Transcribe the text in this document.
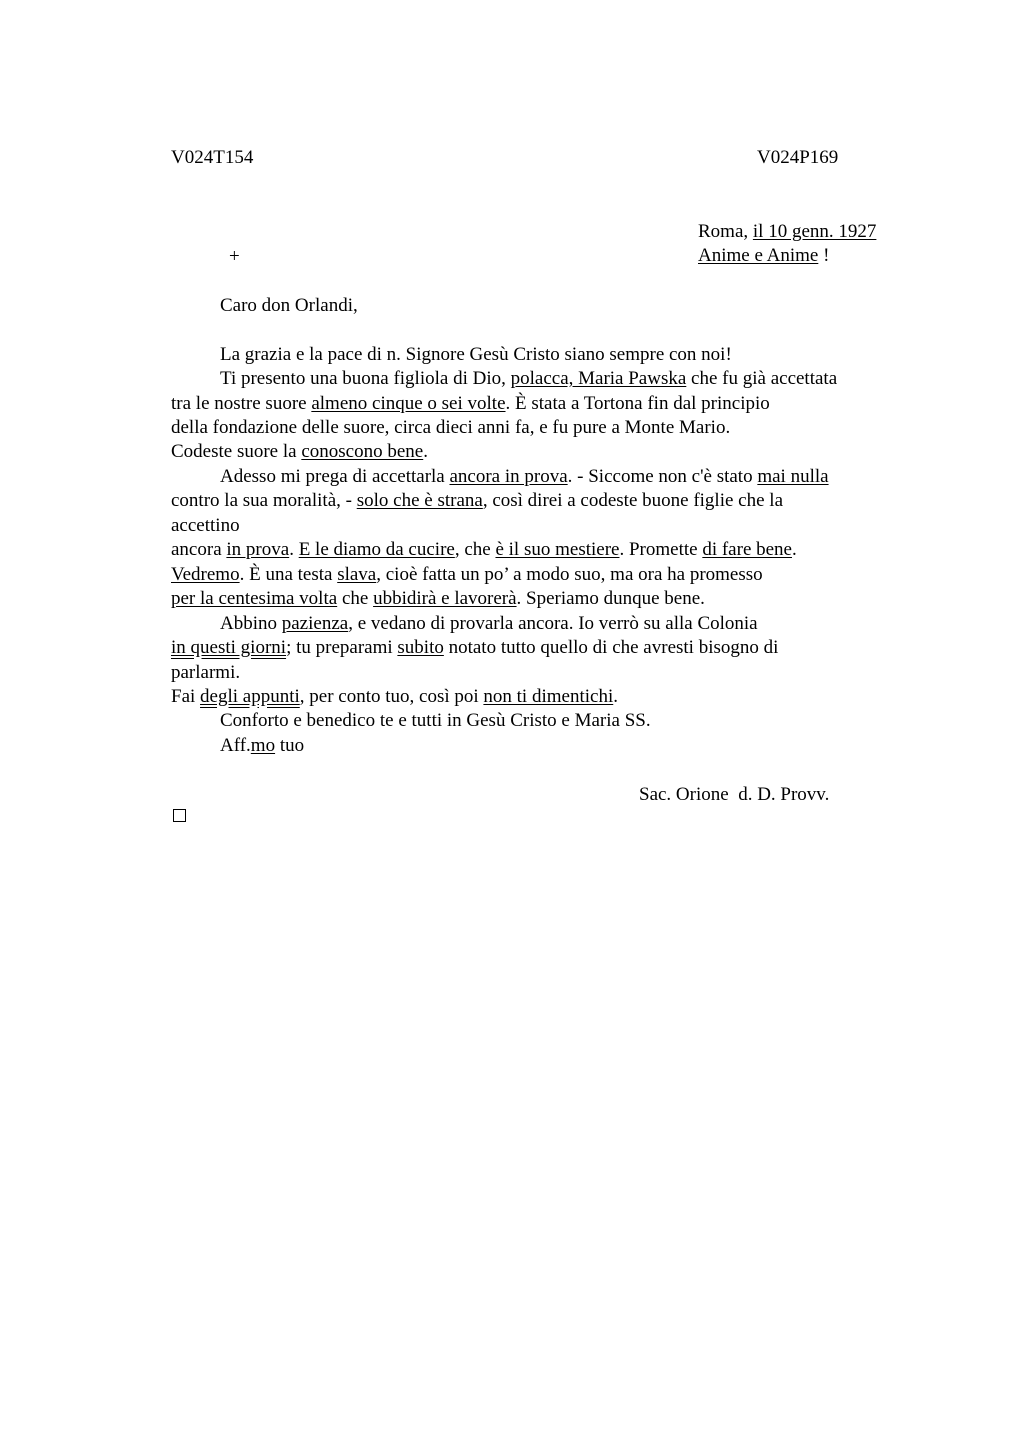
V024T154	V024P169
Roma, il 10 genn. 1927
+	Anime e Anime !
Caro don Orlandi,
La grazia e la pace di n. Signore Gesù Cristo siano sempre con noi!
Ti presento una buona figliola di Dio, polacca, Maria Pawska che fu già accettata
tra le nostre suore almeno cinque o sei volte. È stata a Tortona fin dal principio
della fondazione delle suore, circa dieci anni fa, e fu pure a Monte Mario.
Codeste suore la conoscono bene.
Adesso mi prega di accettarla ancora in prova. - Siccome non c'è stato mai nulla
contro la sua moralità, - solo che è strana, così direi a codeste buone figlie che la
accettino
ancora in prova. E le diamo da cucire, che è il suo mestiere. Promette di fare bene.
Vedremo. È una testa slava, cioè fatta un po’ a modo suo, ma ora ha promesso
per la centesima volta che ubbidirà e lavorerà. Speriamo dunque bene.
Abbino pazienza, e vedano di provarla ancora. Io verrò su alla Colonia
in questi giorni; tu preparami subito notato tutto quello di che avresti bisogno di
parlarmi.
Fai degli appunti, per conto tuo, così poi non ti dimentichi.
Conforto e benedico te e tutti in Gesù Cristo e Maria SS.
Aff.mo tuo
Sac. Orione  d. D. Provv.
